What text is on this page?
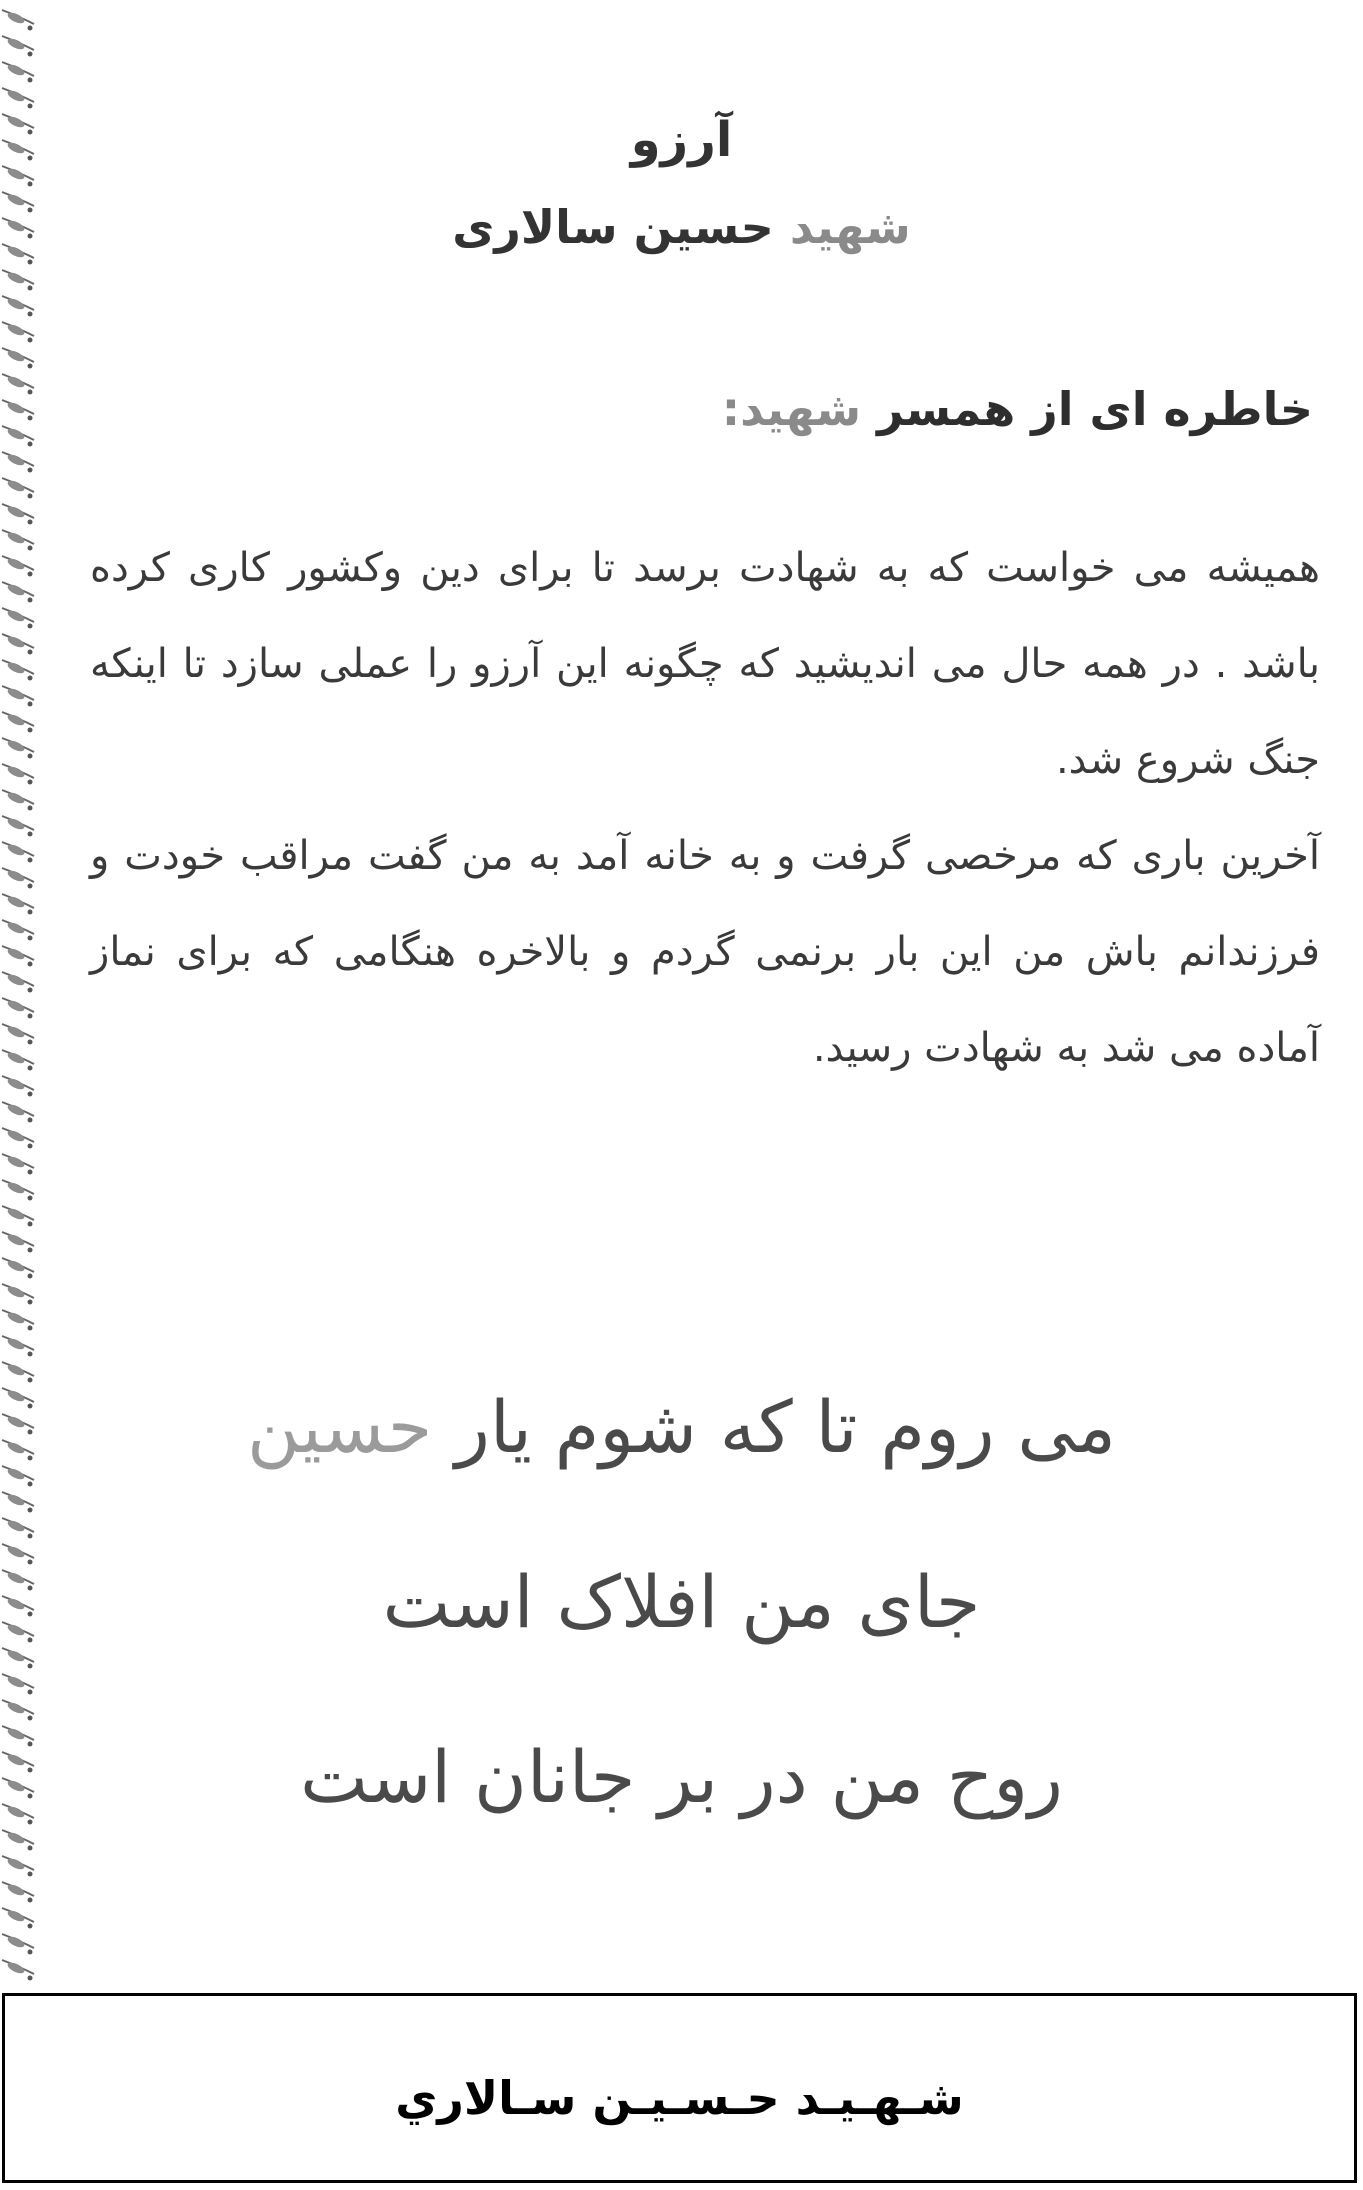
آرزو
شهید حسین سالاری
خاطره ای از همسر شهید:
همیشه می خواست که به شهادت برسد تا برای دین وکشور کاری کرده باشد . در همه حال می اندیشید که چگونه این آرزو را عملی سازد تا اینکه جنگ شروع شد.
آخرین باری که مرخصی گرفت و به خانه آمد به من گفت مراقب خودت و فرزندانم باش من این بار برنمی گردم و بالاخره هنگامی که برای نماز آماده می شد به شهادت رسید.
می روم تا که شوم یار حسین
جای من افلاک است
روح من در بر جانان است
شـهـیـد حـسـیـن سـالاري
